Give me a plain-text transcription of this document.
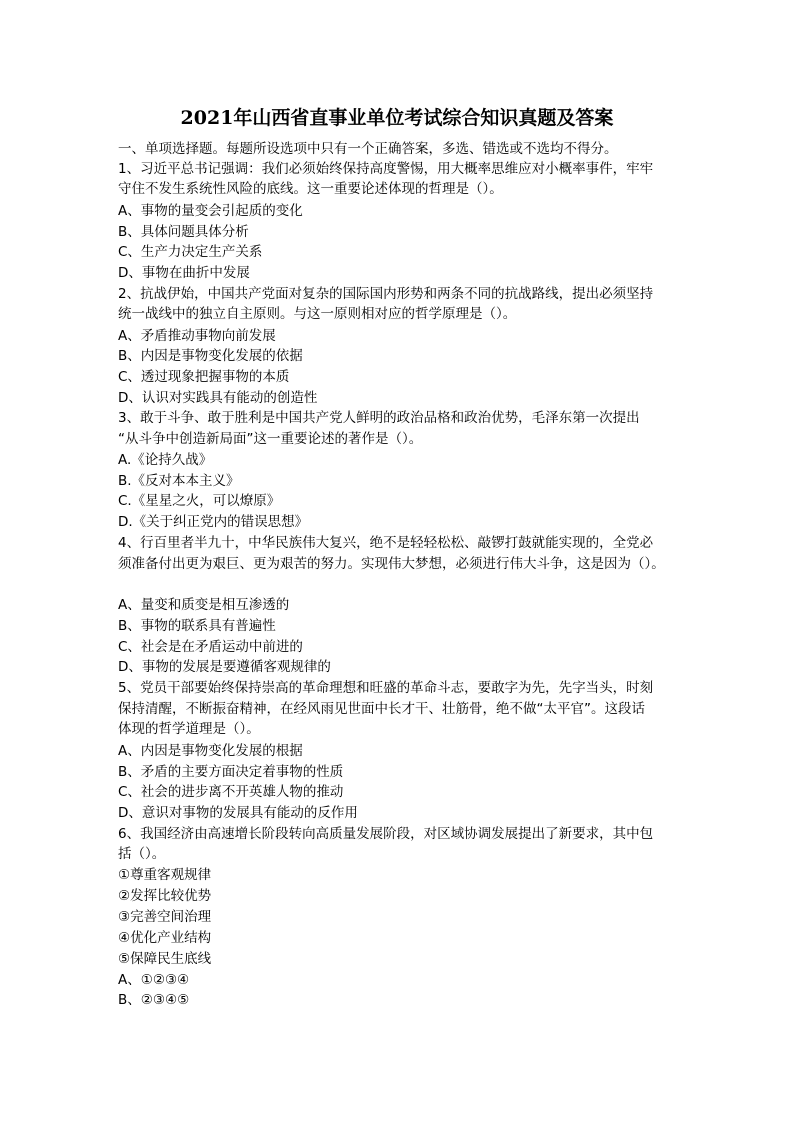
2021年山西省直事业单位考试综合知识真题及答案
一、单项选择题。每题所设选项中只有一个正确答案，多选、错选或不选均不得分。
1、习近平总书记强调：我们必须始终保持高度警惕，用大概率思维应对小概率事件，牢牢
守住不发生系统性风险的底线。这一重要论述体现的哲理是（）。
A、事物的量变会引起质的变化
B、具体问题具体分析
C、生产力决定生产关系
D、事物在曲折中发展
2、抗战伊始，中国共产党面对复杂的国际国内形势和两条不同的抗战路线，提出必须坚持
统一战线中的独立自主原则。与这一原则相对应的哲学原理是（）。
A、矛盾推动事物向前发展
B、内因是事物变化发展的依据
C、透过现象把握事物的本质
D、认识对实践具有能动的创造性
3、敢于斗争、敢于胜利是中国共产党人鲜明的政治品格和政治优势，毛泽东第一次提出
“从斗争中创造新局面”这一重要论述的著作是（）。
A.《论持久战》
B.《反对本本主义》
C.《星星之火，可以燎原》
D.《关于纠正党内的错误思想》
4、行百里者半九十，中华民族伟大复兴，绝不是轻轻松松、敲锣打鼓就能实现的，全党必
须准备付出更为艰巨、更为艰苦的努力。实现伟大梦想，必须进行伟大斗争，这是因为（）。
A、量变和质变是相互渗透的
B、事物的联系具有普遍性
C、社会是在矛盾运动中前进的
D、事物的发展是要遵循客观规律的
5、党员干部要始终保持崇高的革命理想和旺盛的革命斗志，要敢字为先，先字当头，时刻
保持清醒，不断振奋精神，在经风雨见世面中长才干、壮筋骨，绝不做“太平官”。这段话
体现的哲学道理是（）。
A、内因是事物变化发展的根据
B、矛盾的主要方面决定着事物的性质
C、社会的进步离不开英雄人物的推动
D、意识对事物的发展具有能动的反作用
6、我国经济由高速增长阶段转向高质量发展阶段，对区域协调发展提出了新要求，其中包
括（）。
①尊重客观规律
②发挥比较优势
③完善空间治理
④优化产业结构
⑤保障民生底线
A、①②③④
B、②③④⑤
